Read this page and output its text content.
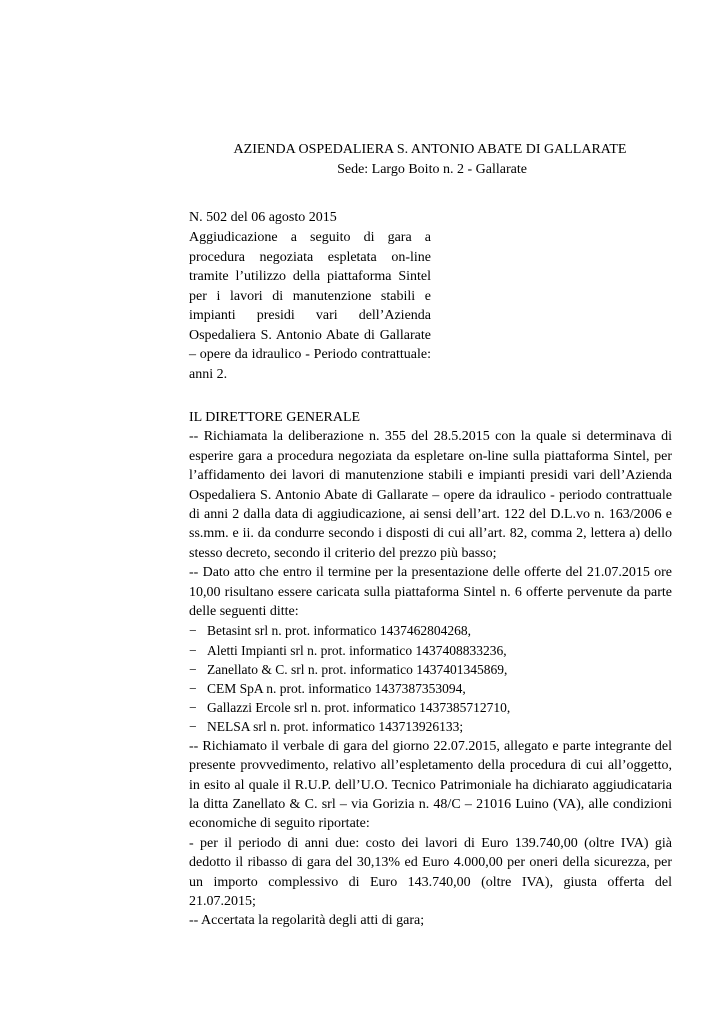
AZIENDA OSPEDALIERA S. ANTONIO ABATE DI GALLARATE
Sede: Largo Boito n. 2 - Gallarate
N. 502 del 06 agosto 2015
Aggiudicazione a seguito di gara a procedura negoziata espletata on-line tramite l’utilizzo della piattaforma Sintel per i lavori di manutenzione stabili e impianti presidi vari dell’Azienda Ospedaliera S. Antonio Abate di Gallarate – opere da idraulico - Periodo contrattuale: anni 2.

IL DIRETTORE GENERALE

-- Richiamata la deliberazione n. 355 del 28.5.2015 con la quale si determinava di esperire gara a procedura negoziata da espletare on-line sulla piattaforma Sintel, per l’affidamento dei lavori di manutenzione stabili e impianti presidi vari dell’Azienda Ospedaliera S. Antonio Abate di Gallarate – opere da idraulico - periodo contrattuale di anni 2 dalla data di aggiudicazione, ai sensi dell’art. 122 del D.L.vo n. 163/2006 e ss.mm. e ii. da condurre secondo i disposti di cui all’art. 82, comma 2, lettera a) dello stesso decreto, secondo il criterio del prezzo più basso;

-- Dato atto che entro il termine per la presentazione delle offerte del 21.07.2015 ore 10,00 risultano essere caricata sulla piattaforma Sintel n. 6 offerte pervenute da parte delle seguenti ditte:

− Betasint srl n. prot. informatico 1437462804268,
− Aletti Impianti srl n. prot. informatico 1437408833236,
− Zanellato & C. srl n. prot. informatico 1437401345869,
− CEM SpA n. prot. informatico 1437387353094,
− Gallazzi Ercole srl n. prot. informatico 1437385712710,
− NELSA srl n. prot. informatico 143713926133;

-- Richiamato il verbale di gara del giorno 22.07.2015, allegato e parte integrante del presente provvedimento, relativo all’espletamento della procedura di cui all’oggetto, in esito al quale il R.U.P. dell’U.O. Tecnico Patrimoniale ha dichiarato aggiudicataria la ditta Zanellato & C. srl – via Gorizia n. 48/C – 21016 Luino (VA), alle condizioni economiche di seguito riportate:

- per il periodo di anni due: costo dei lavori di Euro 139.740,00 (oltre IVA) già dedotto il ribasso di gara del 30,13% ed Euro 4.000,00 per oneri della sicurezza, per un importo complessivo di Euro 143.740,00 (oltre IVA), giusta offerta del 21.07.2015;

-- Accertata la regolarità degli atti di gara;
